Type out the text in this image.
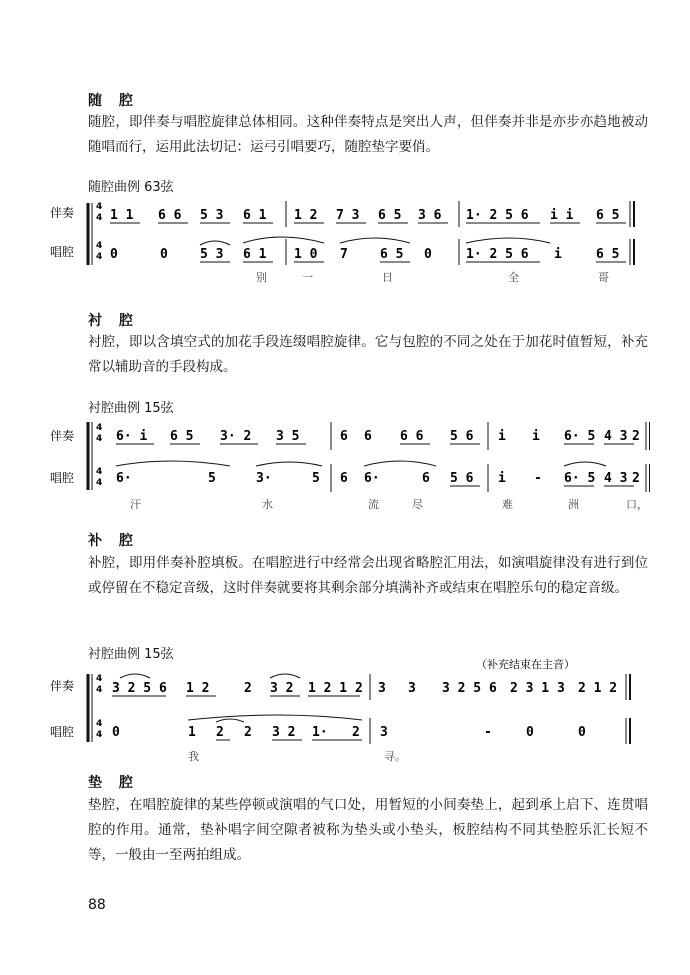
随 腔

随腔，即伴奏与唱腔旋律总体相同。这种伴奏特点是突出人声，但伴奏并非是亦步亦趋地被动随唱而行，运用此法切记：运弓引唱要巧，随腔垫字要俏。

随腔曲例 63弦
伴奏
唱腔
4
4
4
4
1 1 6 6 5 3 6 1 1 2 7 3 6 5 3 6 1· 2 5 6 i i 6 5
0	0 5 3 6 1 1 0 7 6 5 0	1· 2 5 6 i	6 5
别	一	日	全	哥
衬 腔

衬腔，即以含填空式的加花手段连缀唱腔旋律。它与包腔的不同之处在于加花时值暂短，补充常以辅助音的手段构成。

衬腔曲例 15弦
伴奏
唱腔
4
4
4
4
6· i 6 5 3· 2 3 5	6 6 6 6 5 6 i i 6· 5 4 3 2
6·	5	3·	5 6 6·	6 5 6 i - 6· 5 4 3 2
汗	水	流	尽	难	洲	口，
补 腔

补腔，即用伴奏补腔填板。在唱腔进行中经常会出现省略腔汇用法，如演唱旋律没有进行到位或停留在不稳定音级，这时伴奏就要将其剩余部分填满补齐或结束在唱腔乐句的稳定音级。

衬腔曲例 15弦
（补充结束在主音）
伴奏
唱腔
4
4
4
4
3 2 5 6 1 2	2 3 2 1 2 1 2 3 3 3 2 5 6 2 3 1 3 2 1 2
0	1 2 2 3 2 1· 2 3	-	0	0
我	寻。
垫 腔

垫腔，在唱腔旋律的某些停顿或演唱的气口处，用暂短的小间奏垫上，起到承上启下、连贯唱腔的作用。通常，垫补唱字间空隙者被称为垫头或小垫头，板腔结构不同其垫腔乐汇长短不等，一般由一至两拍组成。

88
